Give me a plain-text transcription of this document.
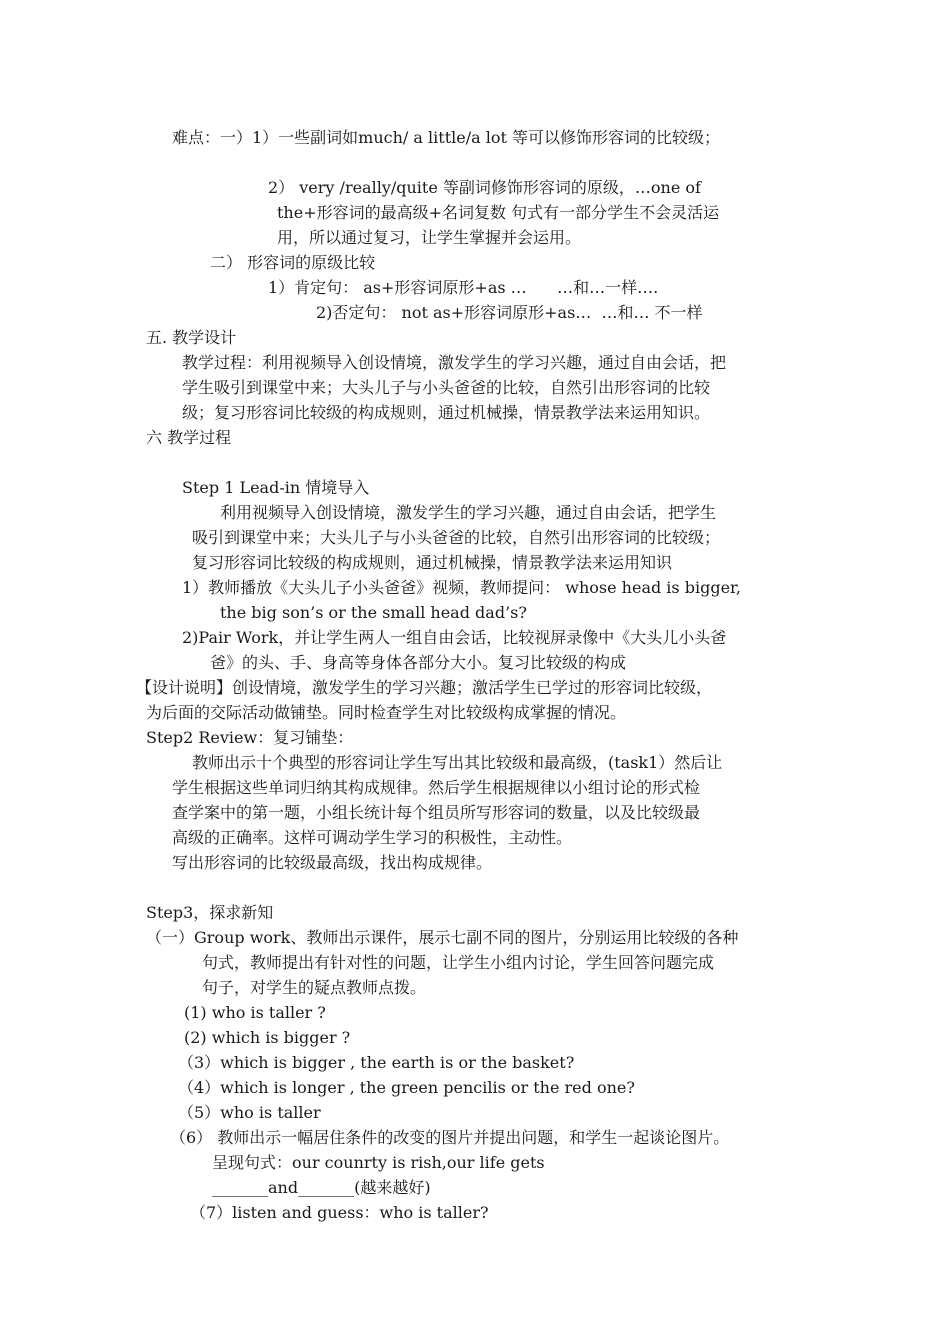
难点：一）1）一些副词如much/ a little/a lot 等可以修饰形容词的比较级；
2） very /really/quite 等副词修饰形容词的原级，…one of
the+形容词的最高级+名词复数 句式有一部分学生不会灵活运
用，所以通过复习，让学生掌握并会运用。
二） 形容词的原级比较
1）肯定句： as+形容词原形+as …      …和…一样….
2)否定句： not as+形容词原形+as…  …和… 不一样
五. 教学设计
教学过程：利用视频导入创设情境，激发学生的学习兴趣，通过自由会话，把
学生吸引到课堂中来；大头儿子与小头爸爸的比较，自然引出形容词的比较
级；复习形容词比较级的构成规则，通过机械操，情景教学法来运用知识。
六 教学过程
Step 1 Lead-in 情境导入
利用视频导入创设情境，激发学生的学习兴趣，通过自由会话，把学生
吸引到课堂中来；大头儿子与小头爸爸的比较，自然引出形容词的比较级；
复习形容词比较级的构成规则，通过机械操，情景教学法来运用知识
1）教师播放《大头儿子小头爸爸》视频，教师提问： whose head is bigger,
the big son’s or the small head dad’s?
2)Pair Work，并让学生两人一组自由会话，比较视屏录像中《大头儿小头爸
爸》的头、手、身高等身体各部分大小。复习比较级的构成
【设计说明】创设情境，激发学生的学习兴趣；激活学生已学过的形容词比较级，
为后面的交际活动做铺垫。同时检查学生对比较级构成掌握的情况。
Step2 Review：复习铺垫：
教师出示十个典型的形容词让学生写出其比较级和最高级，(task1）然后让
学生根据这些单词归纳其构成规律。然后学生根据规律以小组讨论的形式检
查学案中的第一题，小组长统计每个组员所写形容词的数量，以及比较级最
高级的正确率。这样可调动学生学习的积极性，主动性。
写出形容词的比较级最高级，找出构成规律。
Step3，探求新知
（一）Group work、教师出示课件，展示七副不同的图片，分别运用比较级的各种
句式，教师提出有针对性的问题，让学生小组内讨论，学生回答问题完成
句子，对学生的疑点教师点拨。
(1) who is taller ?
(2) which is bigger ?
（3）which is bigger , the earth is or the basket?
（4）which is longer , the green pencilis or the red one?
（5）who is taller
（6） 教师出示一幅居住条件的改变的图片并提出问题，和学生一起谈论图片。
呈现句式：our counrty is rish,our life gets
_______and_______(越来越好)
（7）listen and guess：who is taller?
